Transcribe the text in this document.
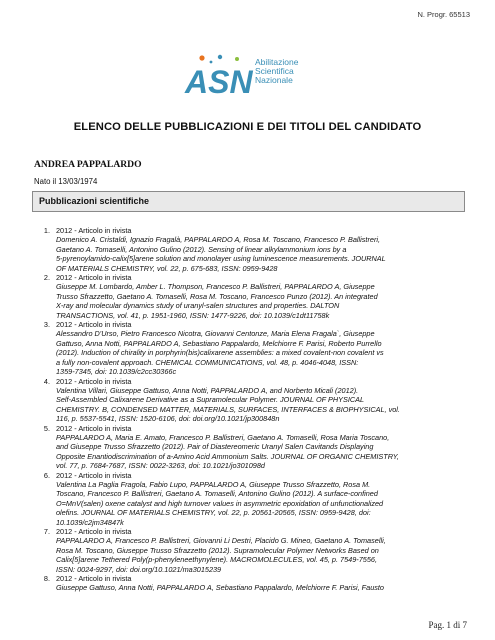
N. Progr. 65513
ASN
Abilitazione
Scientifica
Nazionale
ELENCO DELLE PUBBLICAZIONI E DEI TITOLI DEL CANDIDATO
ANDREA PAPPALARDO
Nato il 13/03/1974
Pubblicazioni scientifiche
1. 2012 - Articolo in rivista
Domenico A. Cristaldi, Ignazio Fragalà, PAPPALARDO A, Rosa M. Toscano, Francesco P. Ballistreri,
Gaetano A. Tomaselli, Antonino Gulino (2012). Sensing of linear alkylammonium ions by a
5-pyrenoylamido-calix[5]arene solution and monolayer using luminescence measurements. JOURNAL
OF MATERIALS CHEMISTRY, vol. 22, p. 675-683, ISSN: 0959-9428
2. 2012 - Articolo in rivista
Giuseppe M. Lombardo, Amber L. Thompson, Francesco P. Ballistreri, PAPPALARDO A, Giuseppe
Trusso Sfrazzetto, Gaetano A. Tomaselli, Rosa M. Toscano, Francesco Punzo (2012). An integrated
X-ray and molecular dynamics study of uranyl-salen structures and properties. DALTON
TRANSACTIONS, vol. 41, p. 1951-1960, ISSN: 1477-9226, doi: 10.1039/c1dt11758k
3. 2012 - Articolo in rivista
Alessandro D'Urso, Pietro Francesco Nicotra, Giovanni Centonze, Maria Elena Fragala`, Giuseppe
Gattuso, Anna Notti, PAPPALARDO A, Sebastiano Pappalardo, Melchiorre F. Parisi, Roberto Purrello
(2012). Induction of chirality in porphyrin(bis)calixarene assemblies: a mixed covalent-non covalent vs
a fully non-covalent approach. CHEMICAL COMMUNICATIONS, vol. 48, p. 4046-4048, ISSN:
1359-7345, doi: 10.1039/c2cc30366c
4. 2012 - Articolo in rivista
Valentina Villari, Giuseppe Gattuso, Anna Notti, PAPPALARDO A, and Norberto Micali (2012).
Self-Assembled Calixarene Derivative as a Supramolecular Polymer. JOURNAL OF PHYSICAL
CHEMISTRY. B, CONDENSED MATTER, MATERIALS, SURFACES, INTERFACES & BIOPHYSICAL, vol.
116, p. 5537-5541, ISSN: 1520-6106, doi: doi.org/10.1021/jp300848n
5. 2012 - Articolo in rivista
PAPPALARDO A, Maria E. Amato, Francesco P. Ballistreri, Gaetano A. Tomaselli, Rosa Maria Toscano,
and Giuseppe Trusso Sfrazzetto (2012). Pair of Diastereomeric Uranyl Salen Cavitands Displaying
Opposite Enantiodiscrimination of a-Amino Acid Ammonium Salts. JOURNAL OF ORGANIC CHEMISTRY,
vol. 77, p. 7684-7687, ISSN: 0022-3263, doi: 10.1021/jo301098d
6. 2012 - Articolo in rivista
Valentina La Paglia Fragola, Fabio Lupo, PAPPALARDO A, Giuseppe Trusso Sfrazzetto, Rosa M.
Toscano, Francesco P. Ballistreri, Gaetano A. Tomaselli, Antonino Gulino (2012). A surface-confined
O=MnV(salen) oxene catalyst and high turnover values in asymmetric epoxidation of unfunctionalized
olefins. JOURNAL OF MATERIALS CHEMISTRY, vol. 22, p. 20561-20565, ISSN: 0959-9428, doi:
10.1039/c2jm34847k
7. 2012 - Articolo in rivista
PAPPALARDO A, Francesco P. Ballistreri, Giovanni Li Destri, Placido G. Mineo, Gaetano A. Tomaselli,
Rosa M. Toscano, Giuseppe Trusso Sfrazzetto (2012). Supramolecular Polymer Networks Based on
Calix[5]arene Tethered Poly(p-phenyleneethynylene). MACROMOLECULES, vol. 45, p. 7549-7556,
ISSN: 0024-9297, doi: doi.org/10.1021/ma3015239
8. 2012 - Articolo in rivista
Giuseppe Gattuso, Anna Notti, PAPPALARDO A, Sebastiano Pappalardo, Melchiorre F. Parisi, Fausto
Pag. 1 di 7
